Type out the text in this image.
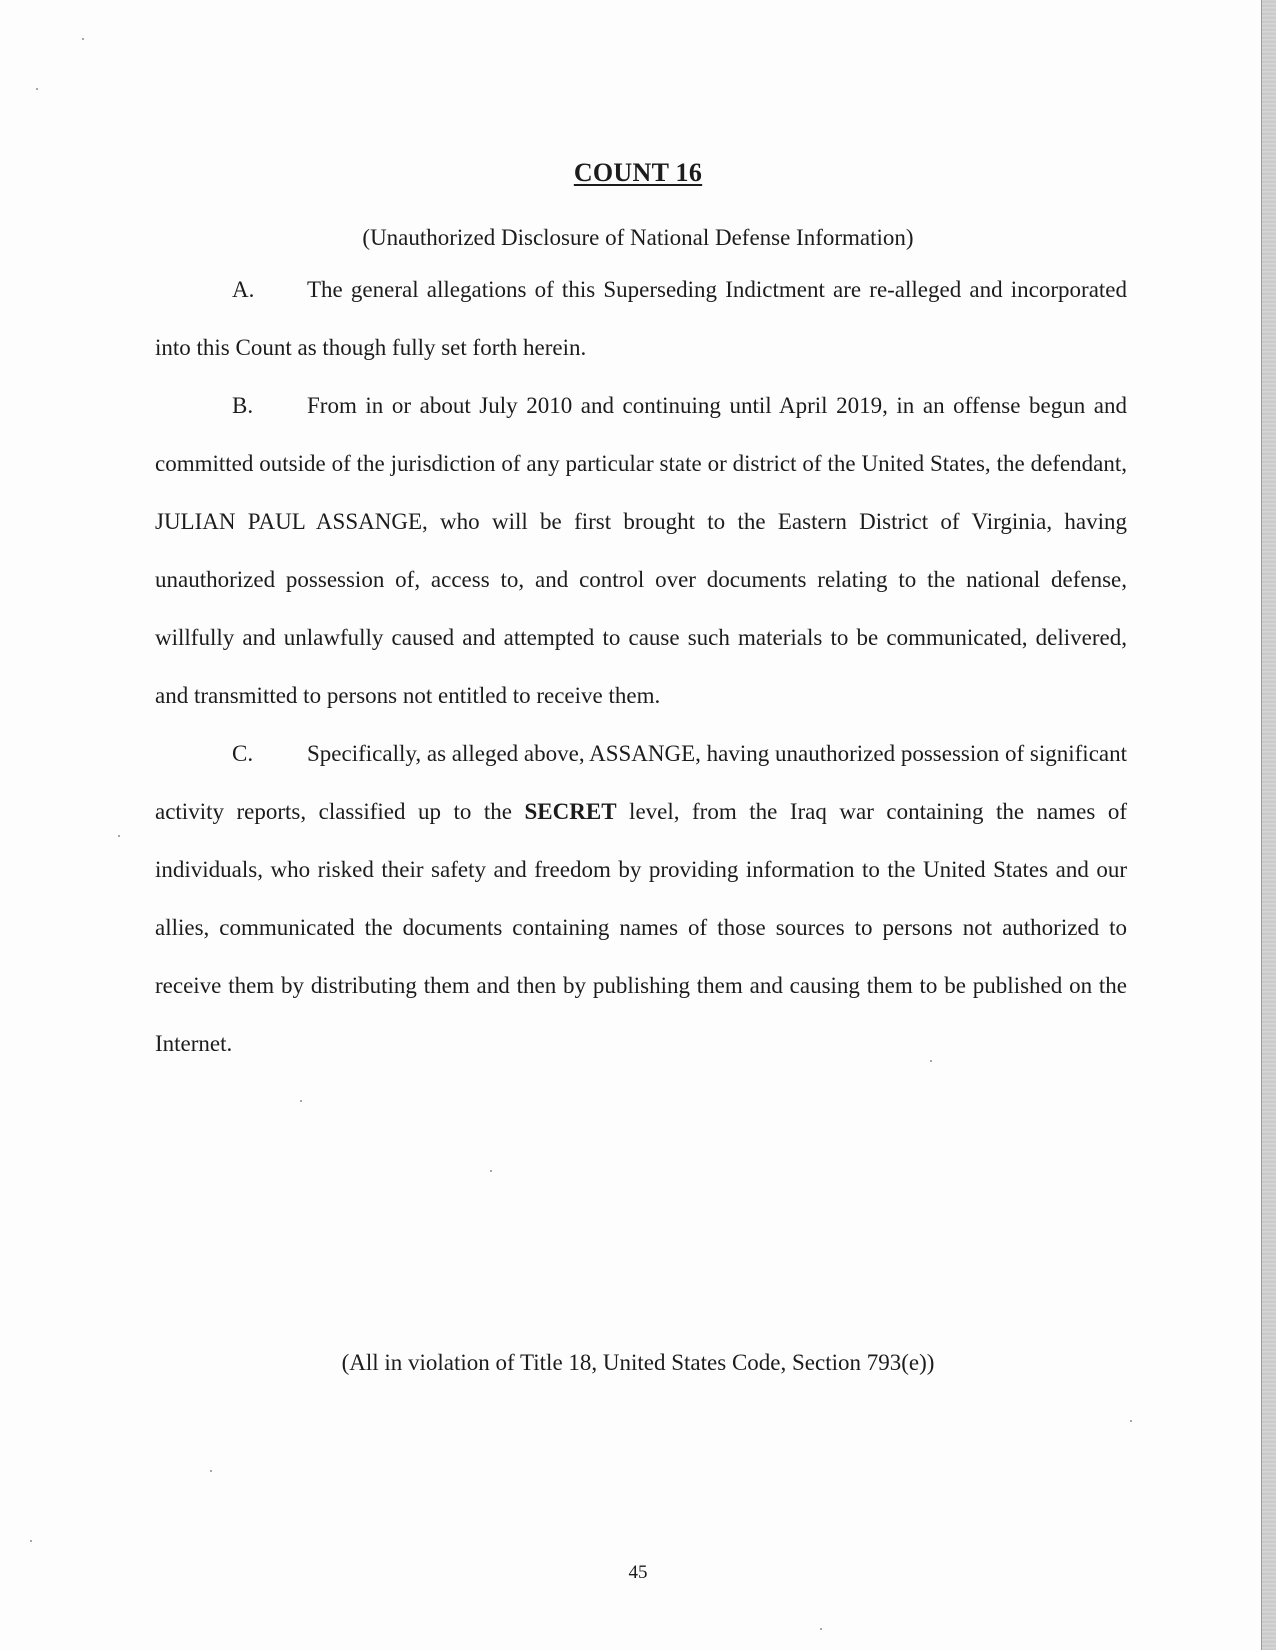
COUNT 16
(Unauthorized Disclosure of National Defense Information)

A. The general allegations of this Superseding Indictment are re-alleged and incorporated into this Count as though fully set forth herein.

B. From in or about July 2010 and continuing until April 2019, in an offense begun and committed outside of the jurisdiction of any particular state or district of the United States, the defendant, JULIAN PAUL ASSANGE, who will be first brought to the Eastern District of Virginia, having unauthorized possession of, access to, and control over documents relating to the national defense, willfully and unlawfully caused and attempted to cause such materials to be communicated, delivered, and transmitted to persons not entitled to receive them.

C. Specifically, as alleged above, ASSANGE, having unauthorized possession of significant activity reports, classified up to the SECRET level, from the Iraq war containing the names of individuals, who risked their safety and freedom by providing information to the United States and our allies, communicated the documents containing names of those sources to persons not authorized to receive them by distributing them and then by publishing them and causing them to be published on the Internet.

(All in violation of Title 18, United States Code, Section 793(e))
45
